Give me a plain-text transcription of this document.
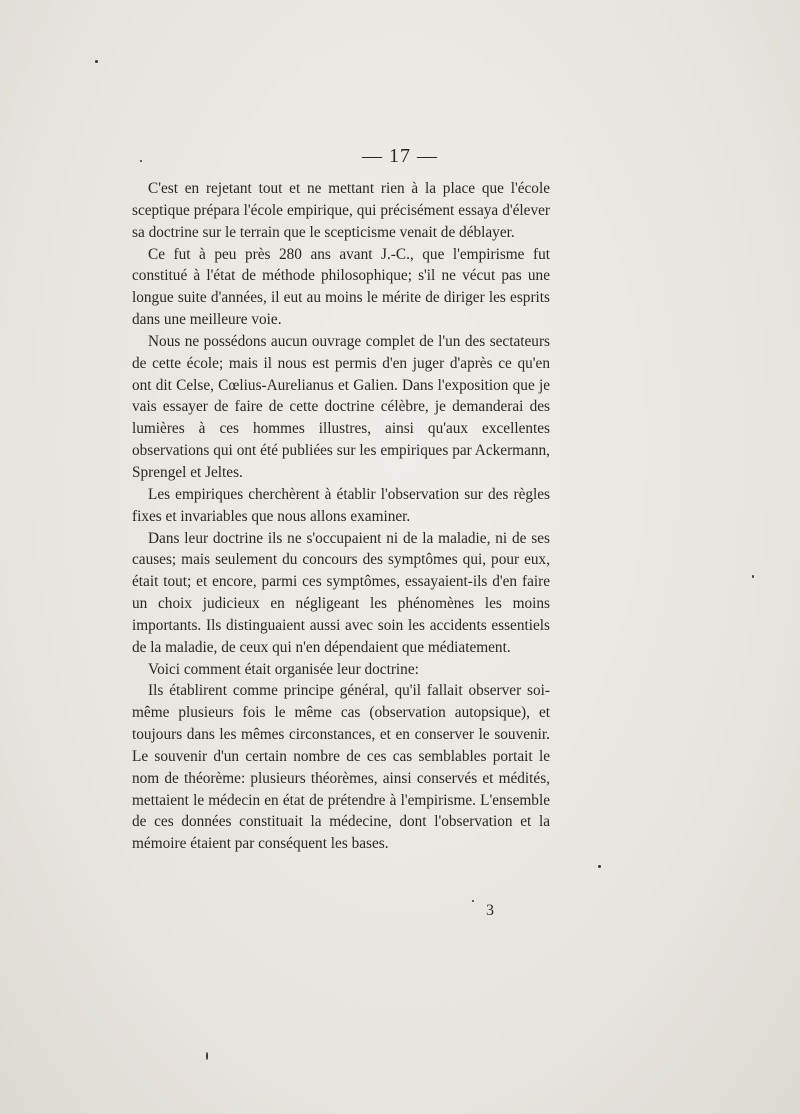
— 17 —

C'est en rejetant tout et ne mettant rien à la place que l'école sceptique prépara l'école empirique, qui précisément essaya d'élever sa doctrine sur le terrain que le scepticisme venait de déblayer.

Ce fut à peu près 280 ans avant J.-C., que l'empirisme fut constitué à l'état de méthode philosophique; s'il ne vécut pas une longue suite d'années, il eut au moins le mérite de diriger les esprits dans une meilleure voie.

Nous ne possédons aucun ouvrage complet de l'un des sectateurs de cette école; mais il nous est permis d'en juger d'après ce qu'en ont dit Celse, Cœlius-Aurelianus et Galien. Dans l'exposition que je vais essayer de faire de cette doctrine célèbre, je demanderai des lumières à ces hommes illustres, ainsi qu'aux excellentes observations qui ont été publiées sur les empiriques par Ackermann, Sprengel et Jeltes.

Les empiriques cherchèrent à établir l'observation sur des règles fixes et invariables que nous allons examiner.

Dans leur doctrine ils ne s'occupaient ni de la maladie, ni de ses causes; mais seulement du concours des symptômes qui, pour eux, était tout; et encore, parmi ces symptômes, essayaient-ils d'en faire un choix judicieux en négligeant les phénomènes les moins importants. Ils distinguaient aussi avec soin les accidents essentiels de la maladie, de ceux qui n'en dépendaient que médiatement.

Voici comment était organisée leur doctrine:

Ils établirent comme principe général, qu'il fallait observer soi-même plusieurs fois le même cas (observation autopsique), et toujours dans les mêmes circonstances, et en conserver le souvenir. Le souvenir d'un certain nombre de ces cas semblables portait le nom de théorème: plusieurs théorèmes, ainsi conservés et médités, mettaient le médecin en état de prétendre à l'empirisme. L'ensemble de ces données constituait la médecine, dont l'observation et la mémoire étaient par conséquent les bases.

3
